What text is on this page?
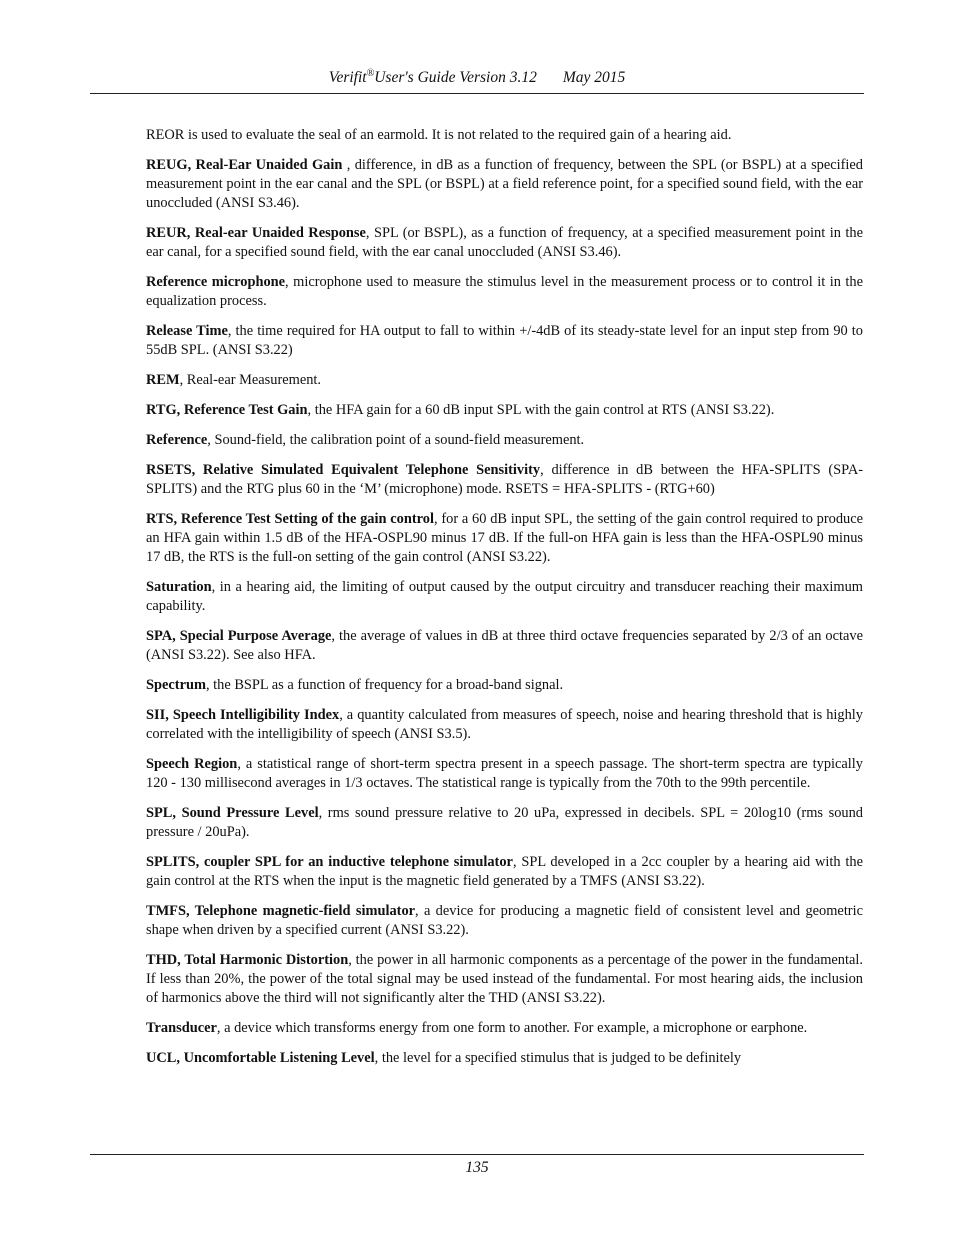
Verifit®User's Guide Version 3.12 May 2015

REOR is used to evaluate the seal of an earmold. It is not related to the required gain of a hearing aid.

REUG, Real-Ear Unaided Gain , difference, in dB as a function of frequency, between the SPL (or BSPL) at a specified measurement point in the ear canal and the SPL (or BSPL) at a field reference point, for a specified sound field, with the ear unoccluded (ANSI S3.46).

REUR, Real-ear Unaided Response, SPL (or BSPL), as a function of frequency, at a specified measurement point in the ear canal, for a specified sound field, with the ear canal unoccluded (ANSI S3.46).

Reference microphone, microphone used to measure the stimulus level in the measurement process or to control it in the equalization process.

Release Time, the time required for HA output to fall to within +/-4dB of its steady-state level for an input step from 90 to 55dB SPL. (ANSI S3.22)

REM, Real-ear Measurement.

RTG, Reference Test Gain, the HFA gain for a 60 dB input SPL with the gain control at RTS (ANSI S3.22).

Reference, Sound-field, the calibration point of a sound-field measurement.

RSETS, Relative Simulated Equivalent Telephone Sensitivity, difference in dB between the HFA-SPLITS (SPA-SPLITS) and the RTG plus 60 in the ‘M’ (microphone) mode. RSETS = HFA-SPLITS - (RTG+60)

RTS, Reference Test Setting of the gain control, for a 60 dB input SPL, the setting of the gain control required to produce an HFA gain within 1.5 dB of the HFA-OSPL90 minus 17 dB. If the full-on HFA gain is less than the HFA-OSPL90 minus 17 dB, the RTS is the full-on setting of the gain control (ANSI S3.22).

Saturation, in a hearing aid, the limiting of output caused by the output circuitry and transducer reaching their maximum capability.

SPA, Special Purpose Average, the average of values in dB at three third octave frequencies separated by 2/3 of an octave (ANSI S3.22). See also HFA.

Spectrum, the BSPL as a function of frequency for a broad-band signal.

SII, Speech Intelligibility Index, a quantity calculated from measures of speech, noise and hearing threshold that is highly correlated with the intelligibility of speech (ANSI S3.5).

Speech Region, a statistical range of short-term spectra present in a speech passage. The short-term spectra are typically 120 - 130 millisecond averages in 1/3 octaves. The statistical range is typically from the 70th to the 99th percentile.

SPL, Sound Pressure Level, rms sound pressure relative to 20 uPa, expressed in decibels. SPL = 20log10 (rms sound pressure / 20uPa).

SPLITS, coupler SPL for an inductive telephone simulator, SPL developed in a 2cc coupler by a hearing aid with the gain control at the RTS when the input is the magnetic field generated by a TMFS (ANSI S3.22).

TMFS, Telephone magnetic-field simulator, a device for producing a magnetic field of consistent level and geometric shape when driven by a specified current (ANSI S3.22).

THD, Total Harmonic Distortion, the power in all harmonic components as a percentage of the power in the fundamental. If less than 20%, the power of the total signal may be used instead of the fundamental. For most hearing aids, the inclusion of harmonics above the third will not significantly alter the THD (ANSI S3.22).

Transducer, a device which transforms energy from one form to another. For example, a microphone or earphone.

UCL, Uncomfortable Listening Level, the level for a specified stimulus that is judged to be definitely

135
